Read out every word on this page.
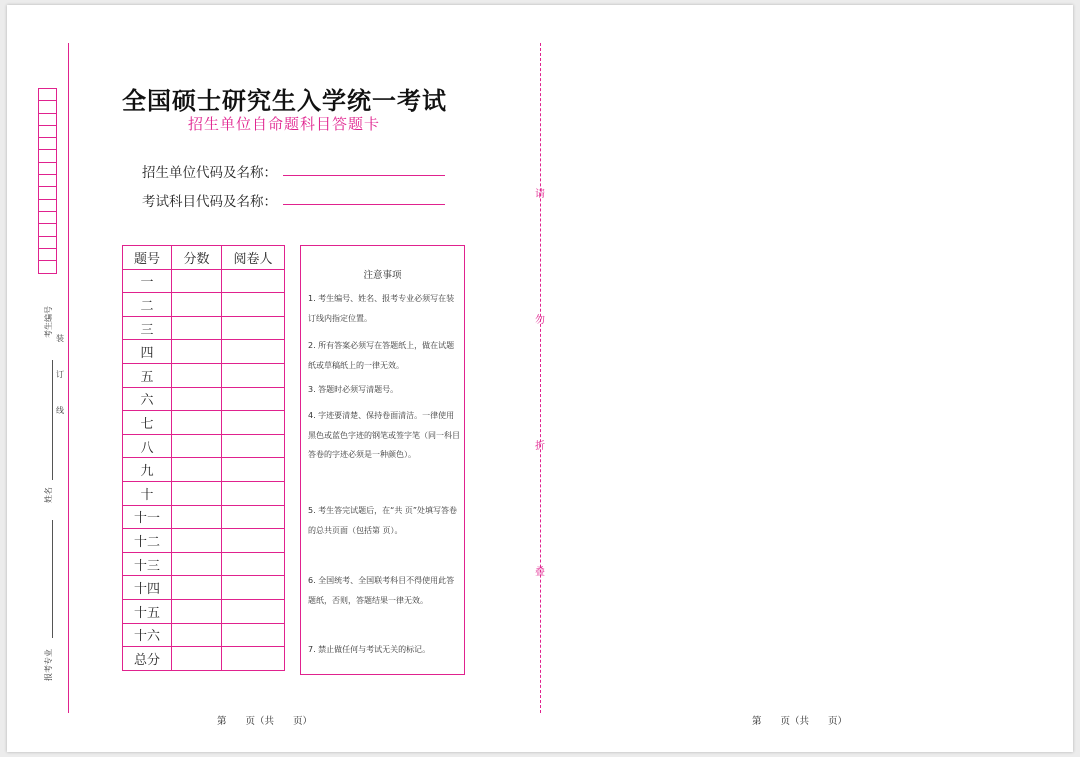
考生编号
姓名
报考专业
装
订
线
全国硕士研究生入学统一考试
招生单位自命题科目答题卡
招生单位代码及名称：
考试科目代码及名称：
题号	分数	阅卷人
一		
二		
三		
四		
五		
六		
七		
八		
九		
十		
十一		
十二		
十三		
十四		
十五		
十六		
总分		
注意事项
1. 考生编号、姓名、报考专业必须写在装订线内指定位置。
2. 所有答案必须写在答题纸上，做在试题纸或草稿纸上的一律无效。
3. 答题时必须写清题号。
4. 字迹要清楚、保持卷面清洁。一律使用黑色或蓝色字迹的钢笔或签字笔（同一科目答卷的字迹必须是一种颜色）。
5. 考生答完试题后，在“共 页”处填写答卷的总共页面（包括第 页）。
6. 全国统考、全国联考科目不得使用此答题纸，否则，答题结果一律无效。
7. 禁止做任何与考试无关的标记。
请
勿
折
叠
第　　页（共　　页）	第　　页（共　　页）
